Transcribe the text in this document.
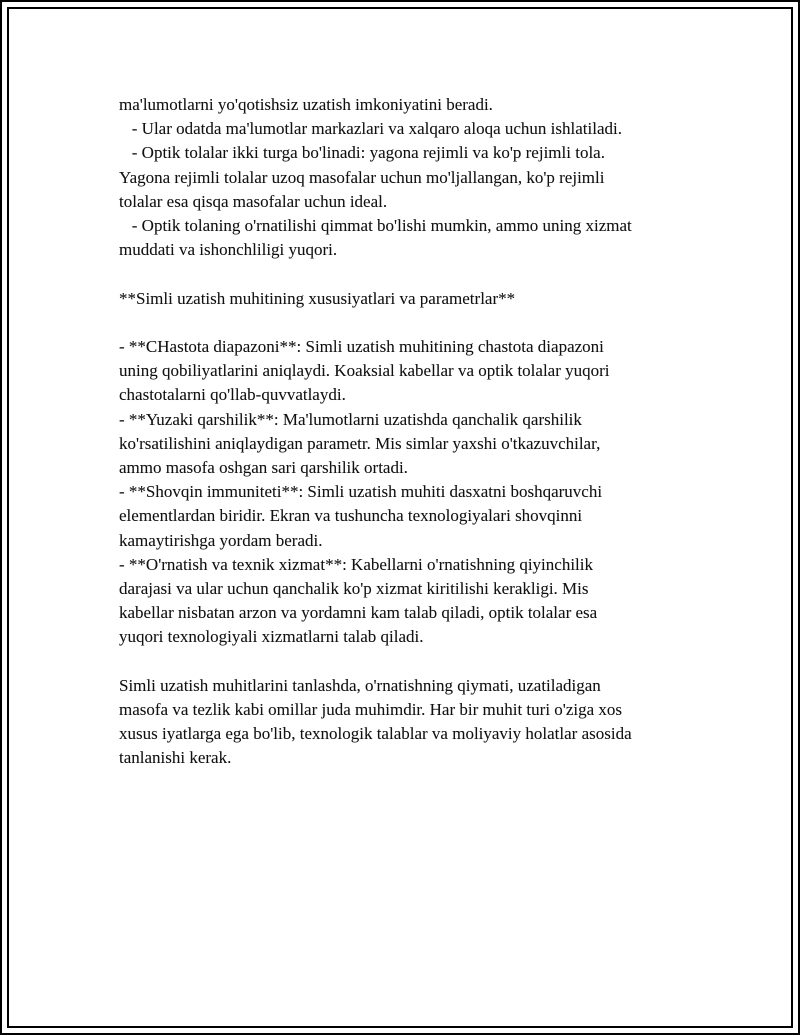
ma'lumotlarni yo'qotishsiz uzatish imkoniyatini beradi.
- Ular odatda ma'lumotlar markazlari va xalqaro aloqa uchun ishlatiladi.
- Optik tolalar ikki turga bo'linadi: yagona rejimli va ko'p rejimli tola.
Yagona rejimli tolalar uzoq masofalar uchun mo'ljallangan, ko'p rejimli
tolalar esa qisqa masofalar uchun ideal.
- Optik tolaning o'rnatilishi qimmat bo'lishi mumkin, ammo uning xizmat
muddati va ishonchliligi yuqori.
**Simli uzatish muhitining xususiyatlari va parametrlar**
- **CHastota diapazoni**: Simli uzatish muhitining chastota diapazoni
uning qobiliyatlarini aniqlaydi. Koaksial kabellar va optik tolalar yuqori
chastotalarni qo'llab-quvvatlaydi.
- **Yuzaki qarshilik**: Ma'lumotlarni uzatishda qanchalik qarshilik
ko'rsatilishini aniqlaydigan parametr. Mis simlar yaxshi o'tkazuvchilar,
ammo masofa oshgan sari qarshilik ortadi.
- **Shovqin immuniteti**: Simli uzatish muhiti dasxatni boshqaruvchi
elementlardan biridir. Ekran va tushuncha texnologiyalari shovqinni
kamaytirishga yordam beradi.
- **O'rnatish va texnik xizmat**: Kabellarni o'rnatishning qiyinchilik
darajasi va ular uchun qanchalik ko'p xizmat kiritilishi kerakligi. Mis
kabellar nisbatan arzon va yordamni kam talab qiladi, optik tolalar esa
yuqori texnologiyali xizmatlarni talab qiladi.
Simli uzatish muhitlarini tanlashda, o'rnatishning qiymati, uzatiladigan
masofa va tezlik kabi omillar juda muhimdir. Har bir muhit turi o'ziga xos
xusus iyatlarga ega bo'lib, texnologik talablar va moliyaviy holatlar asosida
tanlanishi kerak.
